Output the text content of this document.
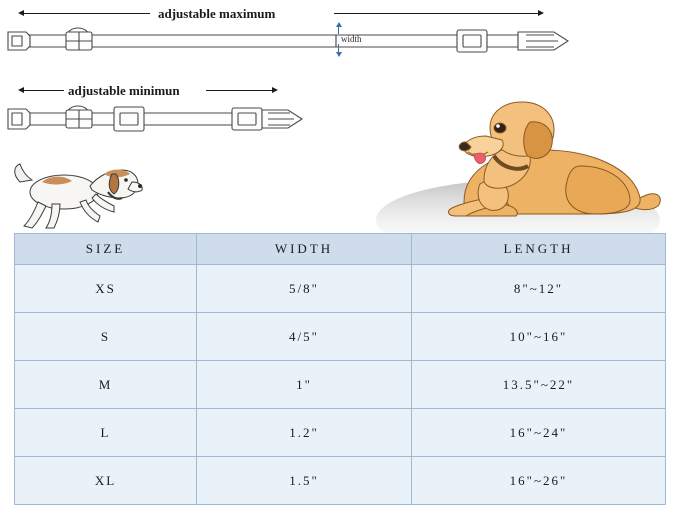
adjustable maximum
width
adjustable minimun
SIZE	WIDTH	LENGTH
XS	5/8"	8"~12"
S	4/5"	10"~16"
M	1"	13.5"~22"
L	1.2"	16"~24"
XL	1.5"	16"~26"
